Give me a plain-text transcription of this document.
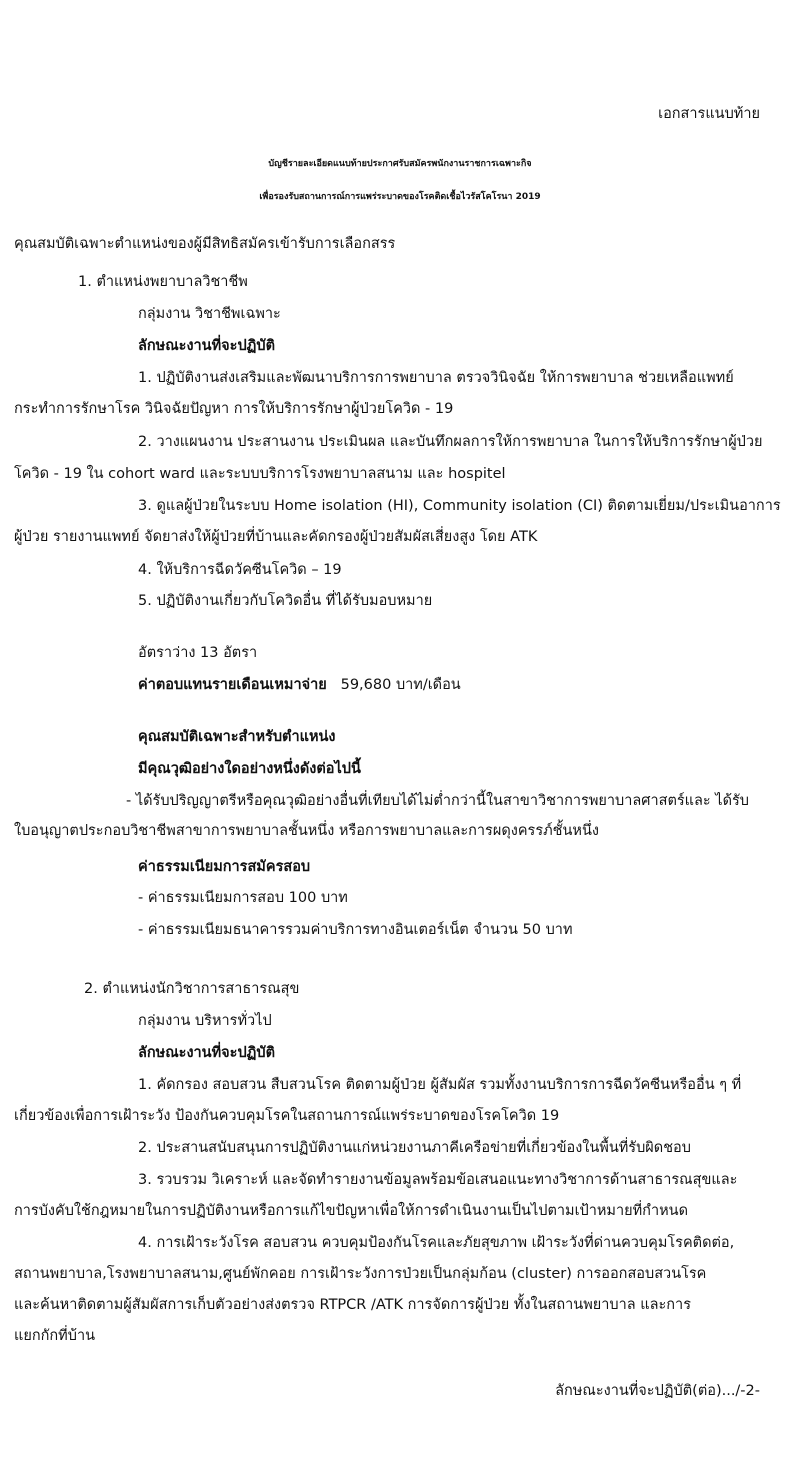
เอกสารแนบท้าย
บัญชีรายละเอียดแนบท้ายประกาศรับสมัครพนักงานราชการเฉพาะกิจ
เพื่อรองรับสถานการณ์การแพร่ระบาดของโรคติดเชื้อไวรัสโคโรนา 2019
คุณสมบัติเฉพาะตำแหน่งของผู้มีสิทธิสมัครเข้ารับการเลือกสรร
1. ตำแหน่งพยาบาลวิชาชีพ
กลุ่มงาน วิชาชีพเฉพาะ
ลักษณะงานที่จะปฏิบัติ
1. ปฏิบัติงานส่งเสริมและพัฒนาบริการการพยาบาล ตรวจวินิจฉัย ให้การพยาบาล ช่วยเหลือแพทย์
กระทำการรักษาโรค วินิจฉัยปัญหา การให้บริการรักษาผู้ป่วยโควิด - 19
2. วางแผนงาน ประสานงาน ประเมินผล และบันทึกผลการให้การพยาบาล ในการให้บริการรักษาผู้ป่วย
โควิด - 19 ใน cohort ward และระบบบริการโรงพยาบาลสนาม และ hospitel
3. ดูแลผู้ป่วยในระบบ Home isolation (HI), Community isolation (CI) ติดตามเยี่ยม/ประเมินอาการ
ผู้ป่วย รายงานแพทย์ จัดยาส่งให้ผู้ป่วยที่บ้านและคัดกรองผู้ป่วยสัมผัสเสี่ยงสูง โดย ATK
4. ให้บริการฉีดวัคซีนโควิด – 19
5. ปฏิบัติงานเกี่ยวกับโควิดอื่น ที่ได้รับมอบหมาย
อัตราว่าง 13 อัตรา
ค่าตอบแทนรายเดือนเหมาจ่าย 59,680 บาท/เดือน
คุณสมบัติเฉพาะสำหรับตำแหน่ง
มีคุณวุฒิอย่างใดอย่างหนึ่งดังต่อไปนี้
- ได้รับปริญญาตรีหรือคุณวุฒิอย่างอื่นที่เทียบได้ไม่ต่ำกว่านี้ในสาขาวิชาการพยาบาลศาสตร์และ ได้รับ
ใบอนุญาตประกอบวิชาชีพสาขาการพยาบาลชั้นหนึ่ง หรือการพยาบาลและการผดุงครรภ์ชั้นหนึ่ง
ค่าธรรมเนียมการสมัครสอบ
- ค่าธรรมเนียมการสอบ 100 บาท
- ค่าธรรมเนียมธนาคารรวมค่าบริการทางอินเตอร์เน็ต จำนวน 50 บาท
2. ตำแหน่งนักวิชาการสาธารณสุข
กลุ่มงาน บริหารทั่วไป
ลักษณะงานที่จะปฏิบัติ
1. คัดกรอง สอบสวน สืบสวนโรค ติดตามผู้ป่วย ผู้สัมผัส รวมทั้งงานบริการการฉีดวัคซีนหรืออื่น ๆ ที่
เกี่ยวข้องเพื่อการเฝ้าระวัง ป้องกันควบคุมโรคในสถานการณ์แพร่ระบาดของโรคโควิด 19
2. ประสานสนับสนุนการปฏิบัติงานแก่หน่วยงานภาคีเครือข่ายที่เกี่ยวข้องในพื้นที่รับผิดชอบ
3. รวบรวม วิเคราะห์ และจัดทำรายงานข้อมูลพร้อมข้อเสนอแนะทางวิชาการด้านสาธารณสุขและ
การบังคับใช้กฎหมายในการปฏิบัติงานหรือการแก้ไขปัญหาเพื่อให้การดำเนินงานเป็นไปตามเป้าหมายที่กำหนด
4. การเฝ้าระวังโรค สอบสวน ควบคุมป้องกันโรคและภัยสุขภาพ เฝ้าระวังที่ด่านควบคุมโรคติดต่อ,
สถานพยาบาล,โรงพยาบาลสนาม,ศูนย์พักคอย การเฝ้าระวังการป่วยเป็นกลุ่มก้อน (cluster) การออกสอบสวนโรค
และค้นหาติดตามผู้สัมผัสการเก็บตัวอย่างส่งตรวจ RTPCR /ATK การจัดการผู้ป่วย ทั้งในสถานพยาบาล และการ
แยกกักที่บ้าน
ลักษณะงานที่จะปฏิบัติ(ต่อ).../-2-
